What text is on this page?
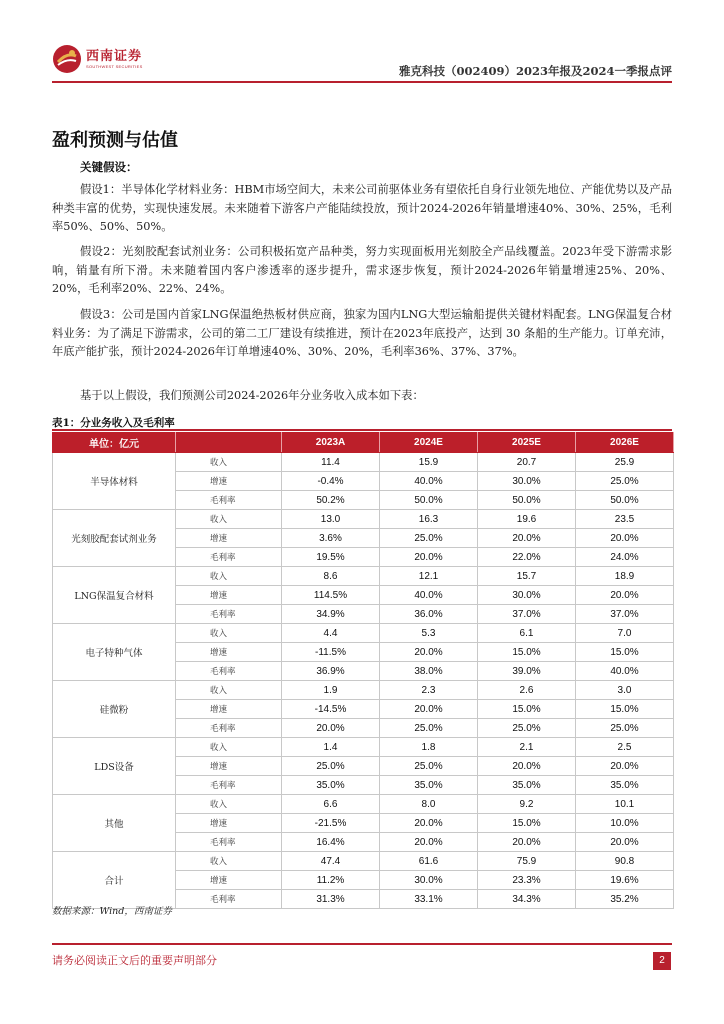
西南证券
SOUTHWEST SECURITIES	雅克科技（002409）2023年报及2024一季报点评
盈利预测与估值
关键假设：

假设1：半导体化学材料业务：HBM市场空间大，未来公司前驱体业务有望依托自身行业领先地位、产能优势以及产品种类丰富的优势，实现快速发展。未来随着下游客户产能陆续投放，预计2024-2026年销量增速40%、30%、25%，毛利率50%、50%、50%。

假设2：光刻胶配套试剂业务：公司积极拓宽产品种类，努力实现面板用光刻胶全产品线覆盖。2023年受下游需求影响，销量有所下滑。未来随着国内客户渗透率的逐步提升，需求逐步恢复，预计2024-2026年销量增速25%、20%、20%，毛利率20%、22%、24%。

假设3：公司是国内首家LNG保温绝热板材供应商，独家为国内LNG大型运输船提供关键材料配套。LNG保温复合材料业务：为了满足下游需求，公司的第二工厂建设有续推进，预计在2023年底投产，达到 30 条船的生产能力。订单充沛，年底产能扩张，预计2024-2026年订单增速40%、30%、20%，毛利率36%、37%、37%。

基于以上假设，我们预测公司2024-2026年分业务收入成本如下表：

表1：分业务收入及毛利率

单位：亿元		2023A	2024E	2025E	2026E
半导体材料	收入	11.4	15.9	20.7	25.9
	增速	-0.4%	40.0%	30.0%	25.0%
	毛利率	50.2%	50.0%	50.0%	50.0%
光刻胶配套试剂业务	收入	13.0	16.3	19.6	23.5
	增速	3.6%	25.0%	20.0%	20.0%
	毛利率	19.5%	20.0%	22.0%	24.0%
LNG保温复合材料	收入	8.6	12.1	15.7	18.9
	增速	114.5%	40.0%	30.0%	20.0%
	毛利率	34.9%	36.0%	37.0%	37.0%
电子特种气体	收入	4.4	5.3	6.1	7.0
	增速	-11.5%	20.0%	15.0%	15.0%
	毛利率	36.9%	38.0%	39.0%	40.0%
硅微粉	收入	1.9	2.3	2.6	3.0
	增速	-14.5%	20.0%	15.0%	15.0%
	毛利率	20.0%	25.0%	25.0%	25.0%
LDS设备	收入	1.4	1.8	2.1	2.5
	增速	25.0%	25.0%	20.0%	20.0%
	毛利率	35.0%	35.0%	35.0%	35.0%
其他	收入	6.6	8.0	9.2	10.1
	增速	-21.5%	20.0%	15.0%	10.0%
	毛利率	16.4%	20.0%	20.0%	20.0%
合计	收入	47.4	61.6	75.9	90.8
	增速	11.2%	30.0%	23.3%	19.6%
	毛利率	31.3%	33.1%	34.3%	35.2%

数据来源：Wind，西南证券

请务必阅读正文后的重要声明部分	2
